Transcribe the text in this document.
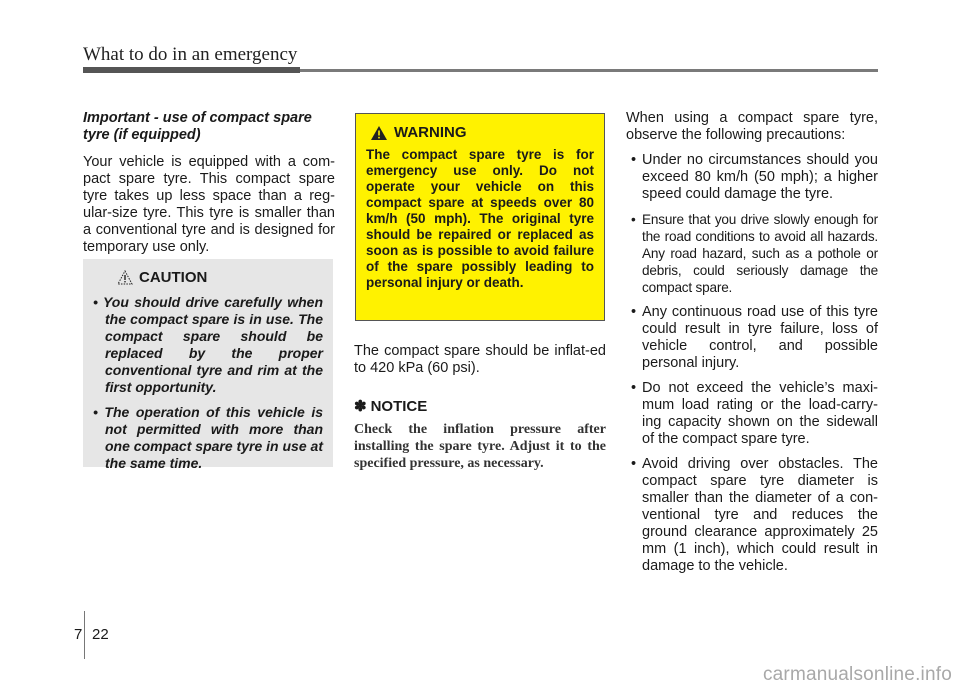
What to do in an emergency

Important - use of compact spare tyre (if equipped)

Your vehicle is equipped with a com-pact spare tyre. This compact spare tyre takes up less space than a reg-ular-size tyre. This tyre is smaller than a conventional tyre and is designed for temporary use only.

CAUTION
• You should drive carefully when the compact spare is in use. The compact spare should be replaced by the proper conventional tyre and rim at the first opportunity.
• The operation of this vehicle is not permitted with more than one compact spare tyre in use at the same time.
WARNING

The compact spare tyre is for emergency use only. Do not operate your vehicle on this compact spare at speeds over 80 km/h (50 mph). The original tyre should be repaired or replaced as soon as is possible to avoid failure of the spare possibly leading to personal injury or death.

The compact spare should be inflat-ed to 420 kPa (60 psi).

✽ NOTICE

Check the inflation pressure after installing the spare tyre. Adjust it to the specified pressure, as necessary.

When using a compact spare tyre, observe the following precautions:

• Under no circumstances should you exceed 80 km/h (50 mph); a higher speed could damage the tyre.
• Ensure that you drive slowly enough for the road conditions to avoid all hazards. Any road hazard, such as a pothole or debris, could seriously damage the compact spare.
• Any continuous road use of this tyre could result in tyre failure, loss of vehicle control, and possible personal injury.
• Do not exceed the vehicle’s maxi-mum load rating or the load-carry-ing capacity shown on the sidewall of the compact spare tyre.
• Avoid driving over obstacles. The compact spare tyre diameter is smaller than the diameter of a con-ventional tyre and reduces the ground clearance approximately 25 mm (1 inch), which could result in damage to the vehicle.
7 22
carmanualsonline.info
